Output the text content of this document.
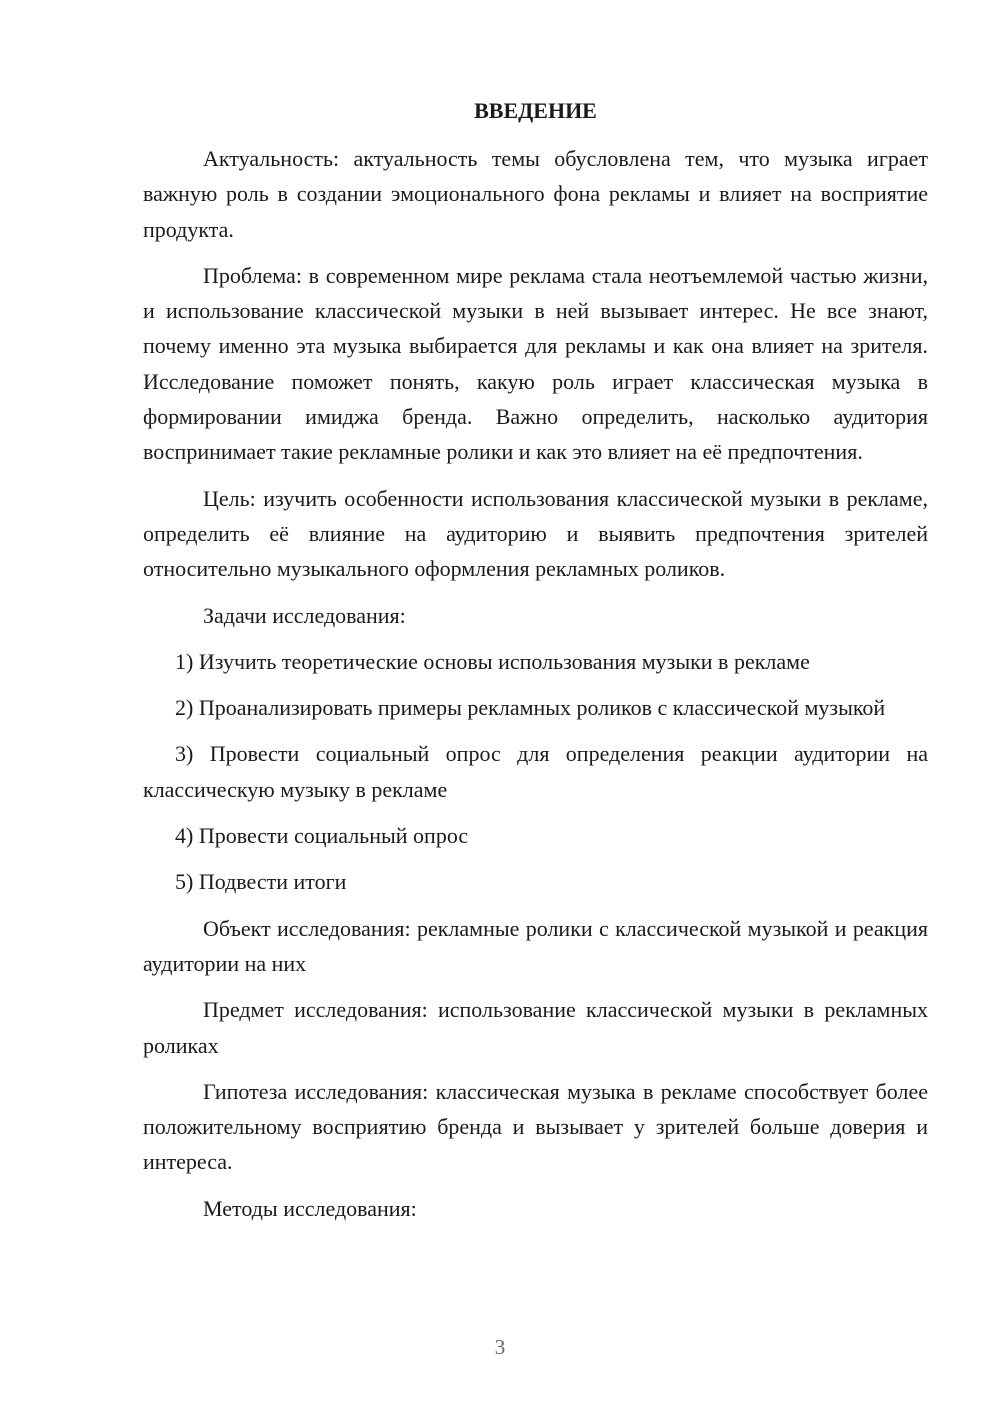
ВВЕДЕНИЕ

Актуальность: актуальность темы обусловлена тем, что музыка играет важную роль в создании эмоционального фона рекламы и влияет на восприятие продукта.

Проблема: в современном мире реклама стала неотъемлемой частью жизни, и использование классической музыки в ней вызывает интерес. Не все знают, почему именно эта музыка выбирается для рекламы и как она влияет на зрителя. Исследование поможет понять, какую роль играет классическая музыка в формировании имиджа бренда. Важно определить, насколько аудитория воспринимает такие рекламные ролики и как это влияет на её предпочтения.

Цель: изучить особенности использования классической музыки в рекламе, определить её влияние на аудиторию и выявить предпочтения зрителей относительно музыкального оформления рекламных роликов.

Задачи исследования:

1) Изучить теоретические основы использования музыки в рекламе

2) Проанализировать примеры рекламных роликов с классической музыкой

3) Провести социальный опрос для определения реакции аудитории на классическую музыку в рекламе

4) Провести социальный опрос

5) Подвести итоги

Объект исследования: рекламные ролики с классической музыкой и реакция аудитории на них

Предмет исследования: использование классической музыки в рекламных роликах

Гипотеза исследования: классическая музыка в рекламе способствует более положительному восприятию бренда и вызывает у зрителей больше доверия и интереса.

Методы исследования:

3
